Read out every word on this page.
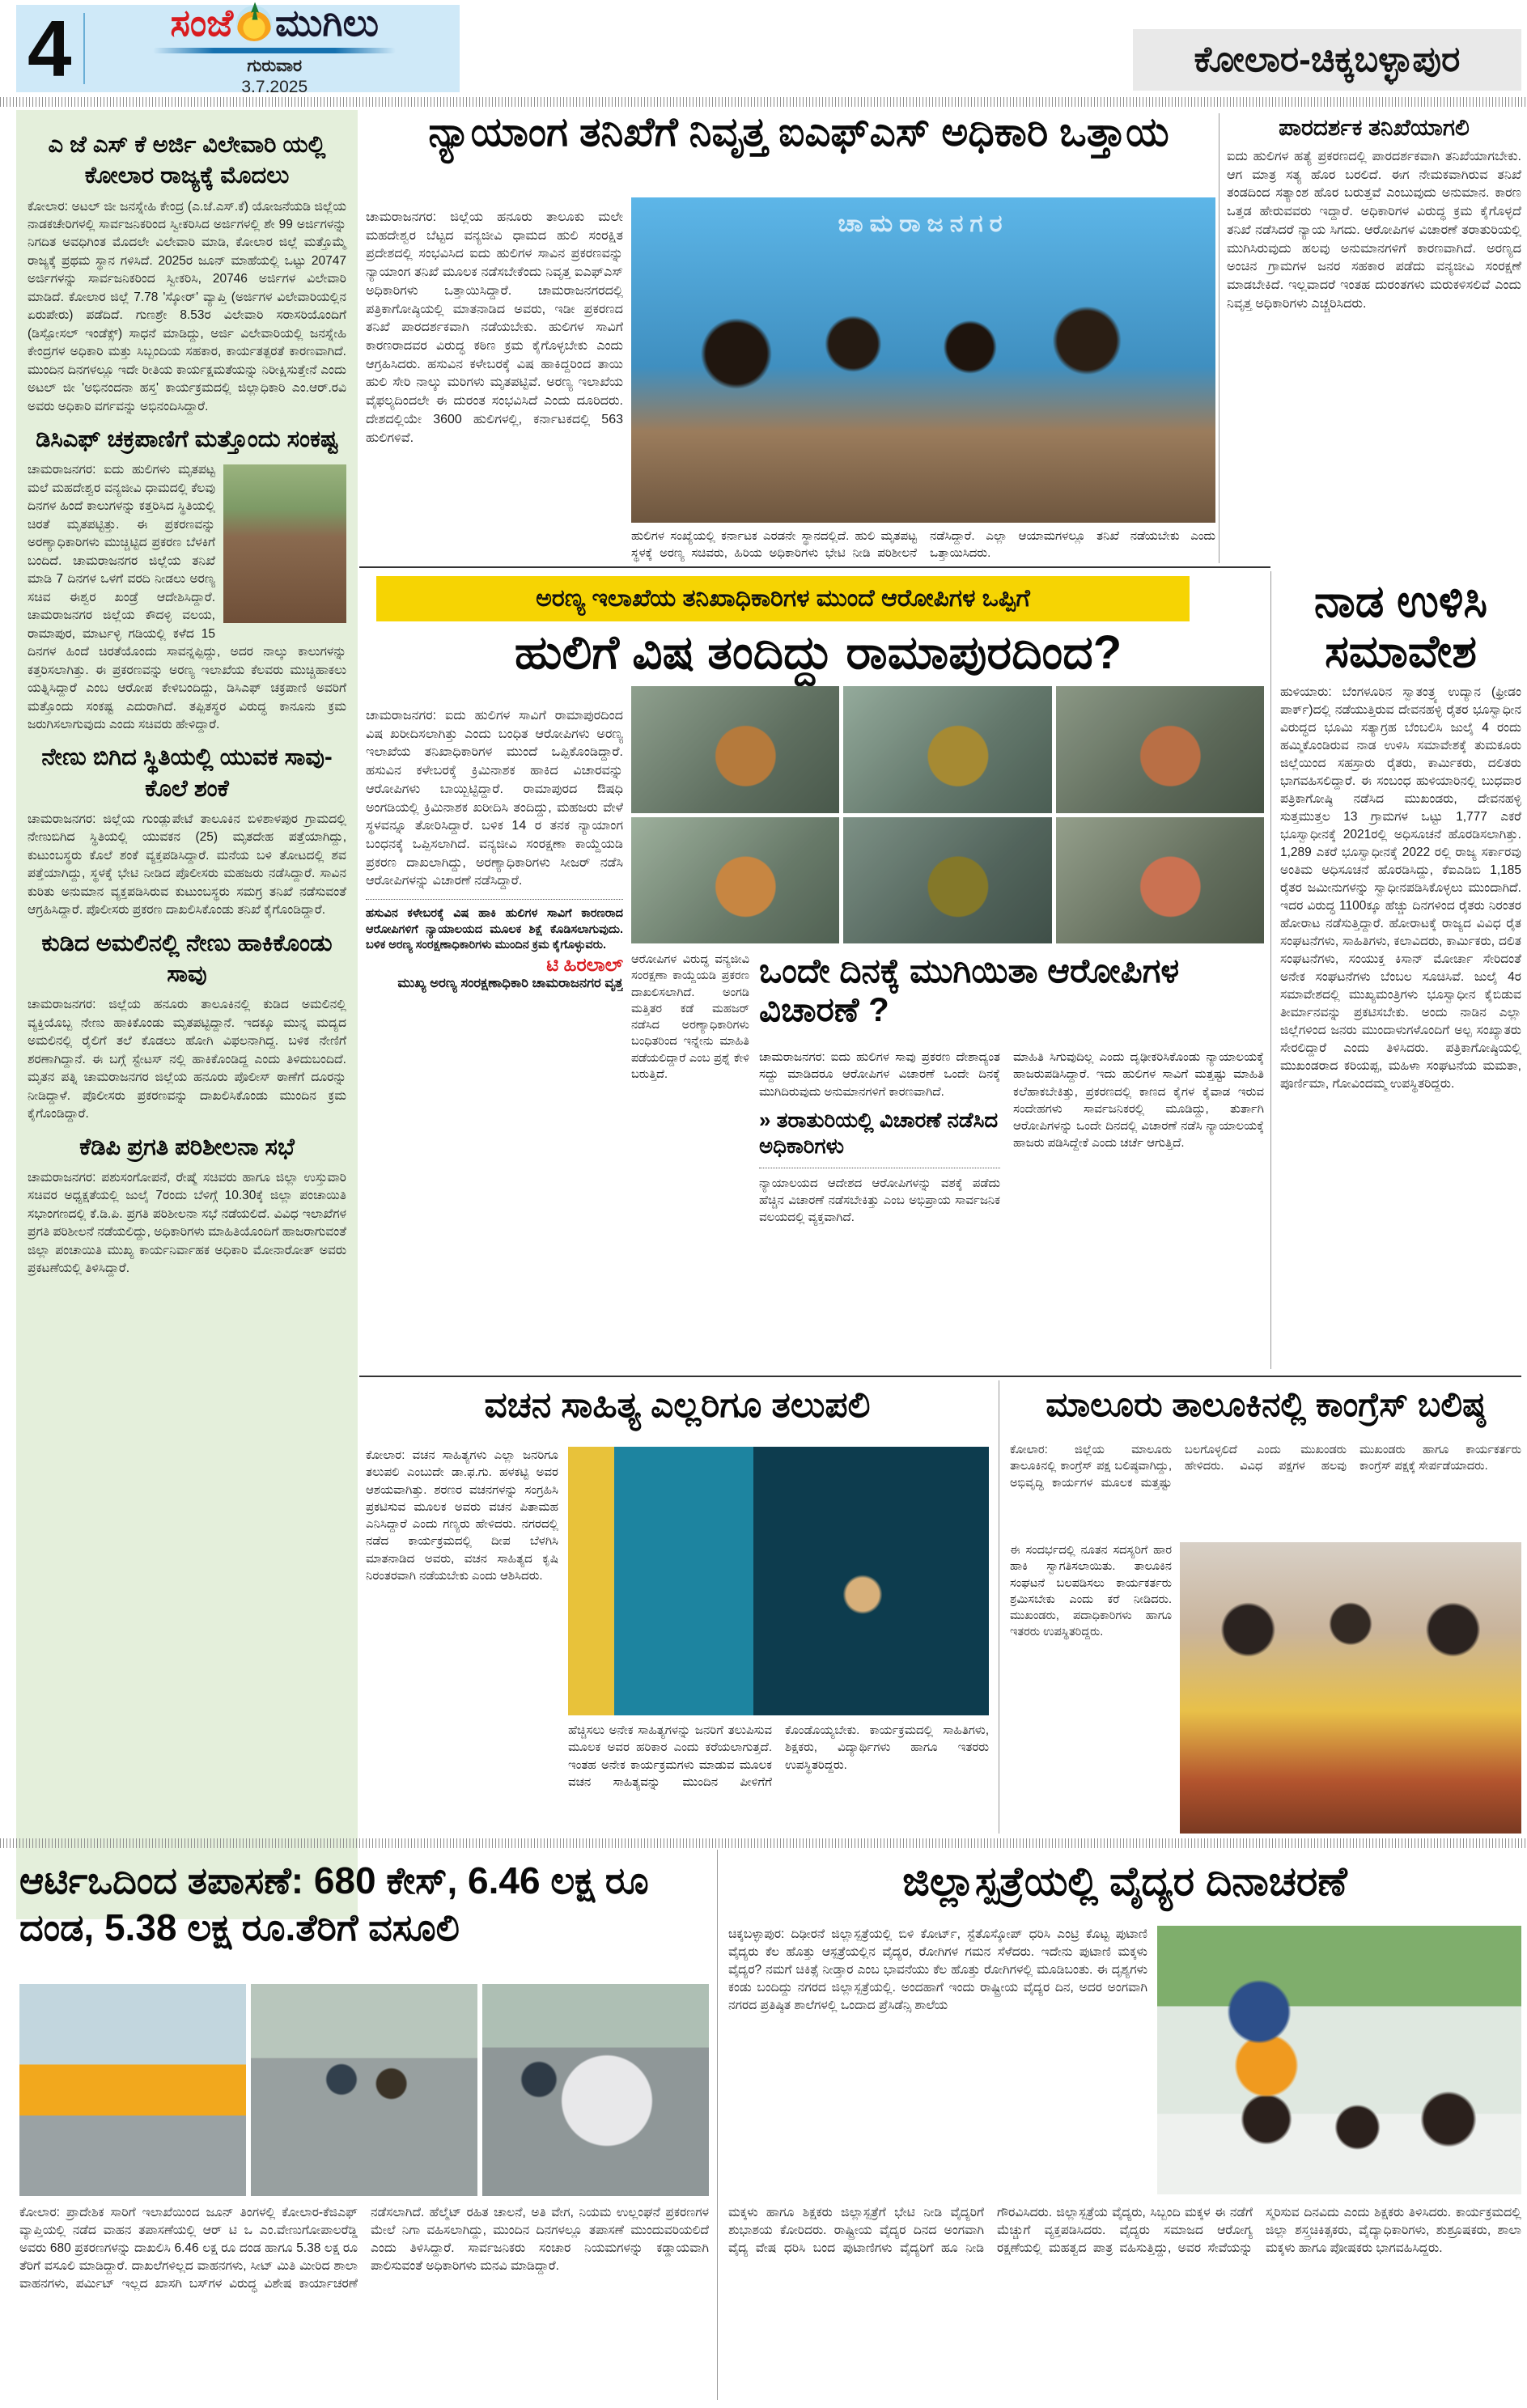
4	ಸಂಜೆ ಮುಗಿಲು
ಗುರುವಾರ
3.7.2025
ಕೋಲಾರ-ಚಿಕ್ಕಬಳ್ಳಾಪುರ
ಎ ಜೆ ಎಸ್ ಕೆ ಅರ್ಜಿ ವಿಲೇವಾರಿ ಯಲ್ಲಿ ಕೋಲಾರ ರಾಜ್ಯಕ್ಕೆ ಮೊದಲು
ಕೋಲಾರ: ಅಟಲ್ ಜೀ ಜನಸ್ನೇಹಿ ಕೇಂದ್ರ (ಎ.ಜೆ.ಎಸ್.ಕೆ) ಯೋಜನೆಯಡಿ ಜಿಲ್ಲೆಯ ನಾಡಕಚೇರಿಗಳಲ್ಲಿ ಸಾರ್ವಜನಿಕರಿಂದ ಸ್ವೀಕರಿಸಿದ ಅರ್ಜಿಗಳಲ್ಲಿ ಶೇ 99 ಅರ್ಜಿಗಳನ್ನು ನಿಗದಿತ ಅವಧಿಗಿಂತ ಮೊದಲೇ ವಿಲೇವಾರಿ ಮಾಡಿ, ಕೋಲಾರ ಜಿಲ್ಲೆ ಮತ್ತೊಮ್ಮೆ ರಾಜ್ಯಕ್ಕೆ ಪ್ರಥಮ ಸ್ಥಾನ ಗಳಿಸಿದೆ. 2025ರ ಜೂನ್ ಮಾಹೆಯಲ್ಲಿ ಒಟ್ಟು 20747 ಅರ್ಜಿಗಳನ್ನು ಸಾರ್ವಜನಿಕರಿಂದ ಸ್ವೀಕರಿಸಿ, 20746 ಅರ್ಜಿಗಳ ವಿಲೇವಾರಿ ಮಾಡಿದೆ. ಕೋಲಾರ ಜಿಲ್ಲೆ 7.78 'ಸ್ಕೋರ್' ವ್ಯಾಪ್ತಿ (ಅರ್ಜಿಗಳ ವಿಲೇವಾರಿಯಲ್ಲಿನ ಏರುಪೇರು) ಪಡೆದಿದೆ. ಗುಣಶ್ರೇ 8.53ರ ವಿಲೇವಾರಿ ಸರಾಸರಿಯೊಂದಿಗೆ (ಡಿಸ್ಪೋಸಲ್ ಇಂಡೆಕ್ಸ್) ಸಾಧನೆ ಮಾಡಿದ್ದು, ಅರ್ಜಿ ವಿಲೇವಾರಿಯಲ್ಲಿ ಜನಸ್ನೇಹಿ ಕೇಂದ್ರಗಳ ಅಧಿಕಾರಿ ಮತ್ತು ಸಿಬ್ಬಂದಿಯ ಸಹಕಾರ, ಕಾರ್ಯತತ್ಪರತೆ ಕಾರಣವಾಗಿದೆ. ಮುಂದಿನ ದಿನಗಳಲ್ಲೂ ಇದೇ ರೀತಿಯ ಕಾರ್ಯಕ್ಷಮತೆಯನ್ನು ನಿರೀಕ್ಷಿಸುತ್ತೇನೆ ಎಂದು ಅಟಲ್ ಜೀ 'ಅಭಿನಂದನಾ ಹಸ್ತ' ಕಾರ್ಯಕ್ರಮದಲ್ಲಿ ಜಿಲ್ಲಾಧಿಕಾರಿ ಎಂ.ಆರ್.ರವಿ ಅವರು ಅಧಿಕಾರಿ ವರ್ಗವನ್ನು ಅಭಿನಂದಿಸಿದ್ದಾರೆ.
ಡಿಸಿಎಫ್ ಚಕ್ರಪಾಣಿಗೆ ಮತ್ತೊಂದು ಸಂಕಷ್ಟ
ಚಾಮರಾಜನಗರ: ಐದು ಹುಲಿಗಳು ಮೃತಪಟ್ಟ ಮಲೆ ಮಹದೇಶ್ವರ ವನ್ಯಜೀವಿ ಧಾಮದಲ್ಲಿ ಕೆಲವು ದಿನಗಳ ಹಿಂದೆ ಕಾಲುಗಳನ್ನು ಕತ್ತರಿಸಿದ ಸ್ಥಿತಿಯಲ್ಲಿ ಚಿರತೆ ಮೃತಪಟ್ಟಿತ್ತು. ಈ ಪ್ರಕರಣವನ್ನು ಅರಣ್ಯಾಧಿಕಾರಿಗಳು ಮುಚ್ಚಿಟ್ಟಿದ ಪ್ರಕರಣ ಬೆಳಕಿಗೆ ಬಂದಿದೆ. ಚಾಮರಾಜನಗರ ಜಿಲ್ಲೆಯ ತನಿಖೆ ಮಾಡಿ 7 ದಿನಗಳ ಒಳಗೆ ವರದಿ ನೀಡಲು ಅರಣ್ಯ ಸಚಿವ ಈಶ್ವರ ಖಂಡ್ರೆ ಆದೇಶಿಸಿದ್ದಾರೆ. ಚಾಮರಾಜನಗರ ಜಿಲ್ಲೆಯ ಕೌದಳ್ಳಿ ವಲಯ, ರಾಮಾಪುರ, ಮಾರ್ಟಳ್ಳಿ ಗಡಿಯಲ್ಲಿ ಕಳೆದ 15 ದಿನಗಳ ಹಿಂದೆ ಚಿರತೆಯೊಂದು ಸಾವನ್ನಪ್ಪಿದ್ದು, ಅದರ ನಾಲ್ಕು ಕಾಲುಗಳನ್ನು ಕತ್ತರಿಸಲಾಗಿತ್ತು. ಈ ಪ್ರಕರಣವನ್ನು ಅರಣ್ಯ ಇಲಾಖೆಯ ಕೆಲವರು ಮುಚ್ಚಿಹಾಕಲು ಯತ್ನಿಸಿದ್ದಾರೆ ಎಂಬ ಆರೋಪ ಕೇಳಿಬಂದಿದ್ದು, ಡಿಸಿಎಫ್ ಚಕ್ರಪಾಣಿ ಅವರಿಗೆ ಮತ್ತೊಂದು ಸಂಕಷ್ಟ ಎದುರಾಗಿದೆ. ತಪ್ಪಿತಸ್ಥರ ವಿರುದ್ಧ ಕಾನೂನು ಕ್ರಮ ಜರುಗಿಸಲಾಗುವುದು ಎಂದು ಸಚಿವರು ಹೇಳಿದ್ದಾರೆ.
ನೇಣು ಬಿಗಿದ ಸ್ಥಿತಿಯಲ್ಲಿ ಯುವಕ ಸಾವು- ಕೊಲೆ ಶಂಕೆ
ಚಾಮರಾಜನಗರ: ಜಿಲ್ಲೆಯ ಗುಂಡ್ಲುಪೇಟೆ ತಾಲೂಕಿನ ಬಿಳಿಶಾಳಪುರ ಗ್ರಾಮದಲ್ಲಿ ನೇಣುಬಿಗಿದ ಸ್ಥಿತಿಯಲ್ಲಿ ಯುವಕನ (25) ಮೃತದೇಹ ಪತ್ತೆಯಾಗಿದ್ದು, ಕುಟುಂಬಸ್ಥರು ಕೊಲೆ ಶಂಕೆ ವ್ಯಕ್ತಪಡಿಸಿದ್ದಾರೆ. ಮನೆಯ ಬಳಿ ತೋಟದಲ್ಲಿ ಶವ ಪತ್ತೆಯಾಗಿದ್ದು, ಸ್ಥಳಕ್ಕೆ ಭೇಟಿ ನೀಡಿದ ಪೊಲೀಸರು ಮಹಜರು ನಡೆಸಿದ್ದಾರೆ. ಸಾವಿನ ಕುರಿತು ಅನುಮಾನ ವ್ಯಕ್ತಪಡಿಸಿರುವ ಕುಟುಂಬಸ್ಥರು ಸಮಗ್ರ ತನಿಖೆ ನಡೆಸುವಂತೆ ಆಗ್ರಹಿಸಿದ್ದಾರೆ. ಪೊಲೀಸರು ಪ್ರಕರಣ ದಾಖಲಿಸಿಕೊಂಡು ತನಿಖೆ ಕೈಗೊಂಡಿದ್ದಾರೆ.
ಕುಡಿದ ಅಮಲಿನಲ್ಲಿ ನೇಣು ಹಾಕಿಕೊಂಡು ಸಾವು
ಚಾಮರಾಜನಗರ: ಜಿಲ್ಲೆಯ ಹನೂರು ತಾಲೂಕಿನಲ್ಲಿ ಕುಡಿದ ಅಮಲಿನಲ್ಲಿ ವ್ಯಕ್ತಿಯೊಬ್ಬ ನೇಣು ಹಾಕಿಕೊಂಡು ಮೃತಪಟ್ಟಿದ್ದಾನೆ. ಇದಕ್ಕೂ ಮುನ್ನ ಮದ್ಯದ ಅಮಲಿನಲ್ಲಿ ರೈಲಿಗೆ ತಲೆ ಕೊಡಲು ಹೋಗಿ ವಿಫಲನಾಗಿದ್ದ. ಬಳಿಕ ನೇಣಿಗೆ ಶರಣಾಗಿದ್ದಾನೆ. ಈ ಬಗ್ಗೆ ಸ್ಟೇಟಸ್ ನಲ್ಲಿ ಹಾಕಿಕೊಂಡಿದ್ದ ಎಂದು ತಿಳಿದುಬಂದಿದೆ. ಮೃತನ ಪತ್ನಿ ಚಾಮರಾಜನಗರ ಜಿಲ್ಲೆಯ ಹನೂರು ಪೊಲೀಸ್ ಠಾಣೆಗೆ ದೂರನ್ನು ನೀಡಿದ್ದಾಳೆ. ಪೊಲೀಸರು ಪ್ರಕರಣವನ್ನು ದಾಖಲಿಸಿಕೊಂಡು ಮುಂದಿನ ಕ್ರಮ ಕೈಗೊಂಡಿದ್ದಾರೆ.
ಕೆಡಿಪಿ ಪ್ರಗತಿ ಪರಿಶೀಲನಾ ಸಭೆ
ಚಾಮರಾಜನಗರ: ಪಶುಸಂಗೋಪನೆ, ರೇಷ್ಮೆ ಸಚಿವರು ಹಾಗೂ ಜಿಲ್ಲಾ ಉಸ್ತುವಾರಿ ಸಚಿವರ ಅಧ್ಯಕ್ಷತೆಯಲ್ಲಿ ಜುಲೈ 7ರಂದು ಬೆಳಿಗ್ಗೆ 10.30ಕ್ಕೆ ಜಿಲ್ಲಾ ಪಂಚಾಯಿತಿ ಸಭಾಂಗಣದಲ್ಲಿ ಕೆ.ಡಿ.ಪಿ. ಪ್ರಗತಿ ಪರಿಶೀಲನಾ ಸಭೆ ನಡೆಯಲಿದೆ. ವಿವಿಧ ಇಲಾಖೆಗಳ ಪ್ರಗತಿ ಪರಿಶೀಲನೆ ನಡೆಯಲಿದ್ದು, ಅಧಿಕಾರಿಗಳು ಮಾಹಿತಿಯೊಂದಿಗೆ ಹಾಜರಾಗುವಂತೆ ಜಿಲ್ಲಾ ಪಂಚಾಯಿತಿ ಮುಖ್ಯ ಕಾರ್ಯನಿರ್ವಾಹಕ ಅಧಿಕಾರಿ ಮೋನಾರೋತ್ ಅವರು ಪ್ರಕಟಣೆಯಲ್ಲಿ ತಿಳಿಸಿದ್ದಾರೆ.
ನ್ಯಾಯಾಂಗ ತನಿಖೆಗೆ ನಿವೃತ್ತ ಐಎಫ್ಎಸ್ ಅಧಿಕಾರಿ ಒತ್ತಾಯ
ಚಾಮರಾಜನಗರ: ಜಿಲ್ಲೆಯ ಹನೂರು ತಾಲೂಕು ಮಲೇ ಮಹದೇಶ್ವರ ಬೆಟ್ಟದ ವನ್ಯಜೀವಿ ಧಾಮದ ಹುಲಿ ಸಂರಕ್ಷಿತ ಪ್ರದೇಶದಲ್ಲಿ ಸಂಭವಿಸಿದ ಐದು ಹುಲಿಗಳ ಸಾವಿನ ಪ್ರಕರಣವನ್ನು ನ್ಯಾಯಾಂಗ ತನಿಖೆ ಮೂಲಕ ನಡೆಸಬೇಕೆಂದು ನಿವೃತ್ತ ಐಎಫ್ಎಸ್ ಅಧಿಕಾರಿಗಳು ಒತ್ತಾಯಿಸಿದ್ದಾರೆ. ಚಾಮರಾಜನಗರದಲ್ಲಿ ಪತ್ರಿಕಾಗೋಷ್ಠಿಯಲ್ಲಿ ಮಾತನಾಡಿದ ಅವರು, ಇಡೀ ಪ್ರಕರಣದ ತನಿಖೆ ಪಾರದರ್ಶಕವಾಗಿ ನಡೆಯಬೇಕು. ಹುಲಿಗಳ ಸಾವಿಗೆ ಕಾರಣರಾದವರ ವಿರುದ್ಧ ಕಠಿಣ ಕ್ರಮ ಕೈಗೊಳ್ಳಬೇಕು ಎಂದು ಆಗ್ರಹಿಸಿದರು. ಹಸುವಿನ ಕಳೇಬರಕ್ಕೆ ವಿಷ ಹಾಕಿದ್ದರಿಂದ ತಾಯಿ ಹುಲಿ ಸೇರಿ ನಾಲ್ಕು ಮರಿಗಳು ಮೃತಪಟ್ಟಿವೆ. ಅರಣ್ಯ ಇಲಾಖೆಯ ವೈಫಲ್ಯದಿಂದಲೇ ಈ ದುರಂತ ಸಂಭವಿಸಿದೆ ಎಂದು ದೂರಿದರು. ದೇಶದಲ್ಲಿಯೇ 3600 ಹುಲಿಗಳಲ್ಲಿ, ಕರ್ನಾಟಕದಲ್ಲಿ 563 ಹುಲಿಗಳಿವೆ.
ಚಾಮರಾಜನಗರ
ಹುಲಿಗಳ ಸಂಖ್ಯೆಯಲ್ಲಿ ಕರ್ನಾಟಕ ಎರಡನೇ ಸ್ಥಾನದಲ್ಲಿದೆ. ಹುಲಿ ಮೃತಪಟ್ಟ ಸ್ಥಳಕ್ಕೆ ಅರಣ್ಯ ಸಚಿವರು, ಹಿರಿಯ ಅಧಿಕಾರಿಗಳು ಭೇಟಿ ನೀಡಿ ಪರಿಶೀಲನೆ ನಡೆಸಿದ್ದಾರೆ. ಎಲ್ಲಾ ಆಯಾಮಗಳಲ್ಲೂ ತನಿಖೆ ನಡೆಯಬೇಕು ಎಂದು ಒತ್ತಾಯಿಸಿದರು.
ಪಾರದರ್ಶಕ ತನಿಖೆಯಾಗಲಿ
ಐದು ಹುಲಿಗಳ ಹತ್ಯೆ ಪ್ರಕರಣದಲ್ಲಿ ಪಾರದರ್ಶಕವಾಗಿ ತನಿಖೆಯಾಗಬೇಕು. ಆಗ ಮಾತ್ರ ಸತ್ಯ ಹೊರ ಬರಲಿದೆ. ಈಗ ನೇಮಕವಾಗಿರುವ ತನಿಖೆ ತಂಡದಿಂದ ಸತ್ಯಾಂಶ ಹೊರ ಬರುತ್ತವೆ ಎಂಬುವುದು ಅನುಮಾನ. ಕಾರಣ ಒತ್ತಡ ಹೇರುವವರು ಇದ್ದಾರೆ. ಅಧಿಕಾರಿಗಳ ವಿರುದ್ಧ ಕ್ರಮ ಕೈಗೊಳ್ಳದೆ ತನಿಖೆ ನಡೆಸಿದರೆ ನ್ಯಾಯ ಸಿಗದು. ಆರೋಪಿಗಳ ವಿಚಾರಣೆ ತರಾತುರಿಯಲ್ಲಿ ಮುಗಿಸಿರುವುದು ಹಲವು ಅನುಮಾನಗಳಿಗೆ ಕಾರಣವಾಗಿದೆ. ಅರಣ್ಯದ ಅಂಚಿನ ಗ್ರಾಮಗಳ ಜನರ ಸಹಕಾರ ಪಡೆದು ವನ್ಯಜೀವಿ ಸಂರಕ್ಷಣೆ ಮಾಡಬೇಕಿದೆ. ಇಲ್ಲವಾದರೆ ಇಂತಹ ದುರಂತಗಳು ಮರುಕಳಿಸಲಿವೆ ಎಂದು ನಿವೃತ್ತ ಅಧಿಕಾರಿಗಳು ಎಚ್ಚರಿಸಿದರು.
ಅರಣ್ಯ ಇಲಾಖೆಯ ತನಿಖಾಧಿಕಾರಿಗಳ ಮುಂದೆ ಆರೋಪಿಗಳ ಒಪ್ಪಿಗೆ
ಹುಲಿಗೆ ವಿಷ ತಂದಿದ್ದು ರಾಮಾಪುರದಿಂದ?
ಚಾಮರಾಜನಗರ: ಐದು ಹುಲಿಗಳ ಸಾವಿಗೆ ರಾಮಾಪುರದಿಂದ ವಿಷ ಖರೀದಿಸಲಾಗಿತ್ತು ಎಂದು ಬಂಧಿತ ಆರೋಪಿಗಳು ಅರಣ್ಯ ಇಲಾಖೆಯ ತನಿಖಾಧಿಕಾರಿಗಳ ಮುಂದೆ ಒಪ್ಪಿಕೊಂಡಿದ್ದಾರೆ. ಹಸುವಿನ ಕಳೇಬರಕ್ಕೆ ಕ್ರಿಮಿನಾಶಕ ಹಾಕಿದ ವಿಚಾರವನ್ನು ಆರೋಪಿಗಳು ಬಾಯ್ಬಿಟ್ಟಿದ್ದಾರೆ. ರಾಮಾಪುರದ ಔಷಧಿ ಅಂಗಡಿಯಲ್ಲಿ ಕ್ರಿಮಿನಾಶಕ ಖರೀದಿಸಿ ತಂದಿದ್ದು, ಮಹಜರು ವೇಳೆ ಸ್ಥಳವನ್ನೂ ತೋರಿಸಿದ್ದಾರೆ. ಬಳಿಕ 14 ರ ತನಕ ನ್ಯಾಯಾಂಗ ಬಂಧನಕ್ಕೆ ಒಪ್ಪಿಸಲಾಗಿದೆ. ವನ್ಯಜೀವಿ ಸಂರಕ್ಷಣಾ ಕಾಯ್ದೆಯಡಿ ಪ್ರಕರಣ ದಾಖಲಾಗಿದ್ದು, ಅರಣ್ಯಾಧಿಕಾರಿಗಳು ಸೀಜರ್ ನಡೆಸಿ ಆರೋಪಿಗಳನ್ನು ವಿಚಾರಣೆ ನಡೆಸಿದ್ದಾರೆ.
ಹಸುವಿನ ಕಳೇಬರಕ್ಕೆ ವಿಷ ಹಾಕಿ ಹುಲಿಗಳ ಸಾವಿಗೆ ಕಾರಣರಾದ ಆರೋಪಿಗಳಿಗೆ ನ್ಯಾಯಾಲಯದ ಮೂಲಕ ಶಿಕ್ಷೆ ಕೊಡಿಸಲಾಗುವುದು. ಬಳಿಕ ಅರಣ್ಯ ಸಂರಕ್ಷಣಾಧಿಕಾರಿಗಳು ಮುಂದಿನ ಕ್ರಮ ಕೈಗೊಳ್ಳುವರು.
ಟಿ ಹಿರಲಾಲ್
ಮುಖ್ಯ ಅರಣ್ಯ ಸಂರಕ್ಷಣಾಧಿಕಾರಿ ಚಾಮರಾಜನಗರ ವೃತ್ತ
ಆರೋಪಿಗಳ ವಿರುದ್ಧ ವನ್ಯಜೀವಿ ಸಂರಕ್ಷಣಾ ಕಾಯ್ದೆಯಡಿ ಪ್ರಕರಣ ದಾಖಲಿಸಲಾಗಿದೆ. ಅಂಗಡಿ ಮತ್ತಿತರ ಕಡೆ ಮಹಜರ್ ನಡೆಸಿದ ಅರಣ್ಯಾಧಿಕಾರಿಗಳು ಬಂಧಿತರಿಂದ ಇನ್ನೇನು ಮಾಹಿತಿ ಪಡೆಯಲಿದ್ದಾರೆ ಎಂಬ ಪ್ರಶ್ನೆ ಕೇಳಿ ಬರುತ್ತಿದೆ.
ಒಂದೇ ದಿನಕ್ಕೆ ಮುಗಿಯಿತಾ ಆರೋಪಿಗಳ ವಿಚಾರಣೆ ?
ಚಾಮರಾಜನಗರ: ಐದು ಹುಲಿಗಳ ಸಾವು ಪ್ರಕರಣ ದೇಶಾದ್ಯಂತ ಸದ್ದು ಮಾಡಿದರೂ ಆರೋಪಿಗಳ ವಿಚಾರಣೆ ಒಂದೇ ದಿನಕ್ಕೆ ಮುಗಿದಿರುವುದು ಅನುಮಾನಗಳಿಗೆ ಕಾರಣವಾಗಿದೆ.
» ತರಾತುರಿಯಲ್ಲಿ ವಿಚಾರಣೆ ನಡೆಸಿದ ಅಧಿಕಾರಿಗಳು
ನ್ಯಾಯಾಲಯದ ಆದೇಶದ ಆರೋಪಿಗಳನ್ನು ವಶಕ್ಕೆ ಪಡೆದು ಹೆಚ್ಚಿನ ವಿಚಾರಣೆ ನಡೆಸಬೇಕಿತ್ತು ಎಂಬ ಅಭಿಪ್ರಾಯ ಸಾರ್ವಜನಿಕ ವಲಯದಲ್ಲಿ ವ್ಯಕ್ತವಾಗಿದೆ.
ಮಾಹಿತಿ ಸಿಗುವುದಿಲ್ಲ ಎಂದು ದೃಢೀಕರಿಸಿಕೊಂಡು ನ್ಯಾಯಾಲಯಕ್ಕೆ ಹಾಜರುಪಡಿಸಿದ್ದಾರೆ. ಇದು ಹುಲಿಗಳ ಸಾವಿಗೆ ಮತ್ತಷ್ಟು ಮಾಹಿತಿ ಕಲೆಹಾಕಬೇಕಿತ್ತು, ಪ್ರಕರಣದಲ್ಲಿ ಕಾಣದ ಕೈಗಳ ಕೈವಾಡ ಇರುವ ಸಂದೇಹಗಳು ಸಾರ್ವಜನಿಕರಲ್ಲಿ ಮೂಡಿದ್ದು, ತುರ್ತಾಗಿ ಆರೋಪಿಗಳನ್ನು ಒಂದೇ ದಿನದಲ್ಲಿ ವಿಚಾರಣೆ ನಡೆಸಿ ನ್ಯಾಯಾಲಯಕ್ಕೆ ಹಾಜರು ಪಡಿಸಿದ್ದೇಕೆ ಎಂದು ಚರ್ಚೆ ಆಗುತ್ತಿದೆ.
ನಾಡ ಉಳಿಸಿ ಸಮಾವೇಶ
ಹುಳಿಯಾರು: ಬೆಂಗಳೂರಿನ ಸ್ವಾತಂತ್ರ್ಯ ಉದ್ಯಾನ (ಫ್ರೀಡಂ ಪಾರ್ಕ್)ದಲ್ಲಿ ನಡೆಯುತ್ತಿರುವ ದೇವನಹಳ್ಳಿ ರೈತರ ಭೂಸ್ವಾಧೀನ ವಿರುದ್ಧದ ಭೂಮಿ ಸತ್ಯಾಗ್ರಹ ಬೆಂಬಲಿಸಿ ಜುಲೈ 4 ರಂದು ಹಮ್ಮಿಕೊಂಡಿರುವ ನಾಡ ಉಳಿಸಿ ಸಮಾವೇಶಕ್ಕೆ ತುಮಕೂರು ಜಿಲ್ಲೆಯಿಂದ ಸಹಸ್ರಾರು ರೈತರು, ಕಾರ್ಮಿಕರು, ದಲಿತರು ಭಾಗವಹಿಸಲಿದ್ದಾರೆ. ಈ ಸಂಬಂಧ ಹುಳಿಯಾರಿನಲ್ಲಿ ಬುಧವಾರ ಪತ್ರಿಕಾಗೋಷ್ಠಿ ನಡೆಸಿದ ಮುಖಂಡರು, ದೇವನಹಳ್ಳಿ ಸುತ್ತಮುತ್ತಲ 13 ಗ್ರಾಮಗಳ ಒಟ್ಟು 1,777 ಎಕರೆ ಭೂಸ್ವಾಧೀನಕ್ಕೆ 2021ರಲ್ಲಿ ಅಧಿಸೂಚನೆ ಹೊರಡಿಸಲಾಗಿತ್ತು. 1,289 ಎಕರೆ ಭೂಸ್ವಾಧೀನಕ್ಕೆ 2022 ರಲ್ಲಿ ರಾಜ್ಯ ಸರ್ಕಾರವು ಅಂತಿಮ ಅಧಿಸೂಚನೆ ಹೊರಡಿಸಿದ್ದು, ಕೆಐಎಡಿಬಿ 1,185 ರೈತರ ಜಮೀನುಗಳನ್ನು ಸ್ವಾಧೀನಪಡಿಸಿಕೊಳ್ಳಲು ಮುಂದಾಗಿದೆ. ಇದರ ವಿರುದ್ಧ 1100ಕ್ಕೂ ಹೆಚ್ಚು ದಿನಗಳಿಂದ ರೈತರು ನಿರಂತರ ಹೋರಾಟ ನಡೆಸುತ್ತಿದ್ದಾರೆ. ಹೋರಾಟಕ್ಕೆ ರಾಜ್ಯದ ವಿವಿಧ ರೈತ ಸಂಘಟನೆಗಳು, ಸಾಹಿತಿಗಳು, ಕಲಾವಿದರು, ಕಾರ್ಮಿಕರು, ದಲಿತ ಸಂಘಟನೆಗಳು, ಸಂಯುಕ್ತ ಕಿಸಾನ್ ಮೋರ್ಚಾ ಸೇರಿದಂತೆ ಅನೇಕ ಸಂಘಟನೆಗಳು ಬೆಂಬಲ ಸೂಚಿಸಿವೆ. ಜುಲೈ 4ರ ಸಮಾವೇಶದಲ್ಲಿ ಮುಖ್ಯಮಂತ್ರಿಗಳು ಭೂಸ್ವಾಧೀನ ಕೈಬಿಡುವ ತೀರ್ಮಾನವನ್ನು ಪ್ರಕಟಿಸಬೇಕು. ಅಂದು ನಾಡಿನ ಎಲ್ಲಾ ಜಿಲ್ಲೆಗಳಿಂದ ಜನರು ಮುಂದಾಳುಗಳೊಂದಿಗೆ ಅಲ್ಪ ಸಂಖ್ಯಾತರು ಸೇರಲಿದ್ದಾರೆ ಎಂದು ತಿಳಿಸಿದರು. ಪತ್ರಿಕಾಗೋಷ್ಠಿಯಲ್ಲಿ ಮುಖಂಡರಾದ ಕರಿಯಪ್ಪ, ಮಹಿಳಾ ಸಂಘಟನೆಯ ಮಮತಾ, ಪೂರ್ಣಿಮಾ, ಗೋವಿಂದಮ್ಮ ಉಪಸ್ಥಿತರಿದ್ದರು.
ವಚನ ಸಾಹಿತ್ಯ ಎಲ್ಲರಿಗೂ ತಲುಪಲಿ
ಕೋಲಾರ: ವಚನ ಸಾಹಿತ್ಯಗಳು ಎಲ್ಲಾ ಜನರಿಗೂ ತಲುಪಲಿ ಎಂಬುದೇ ಡಾ.ಫ.ಗು. ಹಳಕಟ್ಟಿ ಅವರ ಆಶಯವಾಗಿತ್ತು. ಶರಣರ ವಚನಗಳನ್ನು ಸಂಗ್ರಹಿಸಿ ಪ್ರಕಟಿಸುವ ಮೂಲಕ ಅವರು ವಚನ ಪಿತಾಮಹ ಎನಿಸಿದ್ದಾರೆ ಎಂದು ಗಣ್ಯರು ಹೇಳಿದರು. ನಗರದಲ್ಲಿ ನಡೆದ ಕಾರ್ಯಕ್ರಮದಲ್ಲಿ ದೀಪ ಬೆಳಗಿಸಿ ಮಾತನಾಡಿದ ಅವರು, ವಚನ ಸಾಹಿತ್ಯದ ಕೃಷಿ ನಿರಂತರವಾಗಿ ನಡೆಯಬೇಕು ಎಂದು ಆಶಿಸಿದರು.
ಹೆಚ್ಚಿಸಲು ಅನೇಕ ಸಾಹಿತ್ಯಗಳನ್ನು ಜನರಿಗೆ ತಲುಪಿಸುವ ಮೂಲಕ ಅವರ ಹರಿಕಾರ ಎಂದು ಕರೆಯಲಾಗುತ್ತದೆ. ಇಂತಹ ಅನೇಕ ಕಾರ್ಯಕ್ರಮಗಳು ಮಾಡುವ ಮೂಲಕ ವಚನ ಸಾಹಿತ್ಯವನ್ನು ಮುಂದಿನ ಪೀಳಿಗೆಗೆ ಕೊಂಡೊಯ್ಯಬೇಕು. ಕಾರ್ಯಕ್ರಮದಲ್ಲಿ ಸಾಹಿತಿಗಳು, ಶಿಕ್ಷಕರು, ವಿದ್ಯಾರ್ಥಿಗಳು ಹಾಗೂ ಇತರರು ಉಪಸ್ಥಿತರಿದ್ದರು.
ಮಾಲೂರು ತಾಲೂಕಿನಲ್ಲಿ ಕಾಂಗ್ರೆಸ್ ಬಲಿಷ್ಠ
ಕೋಲಾರ: ಜಿಲ್ಲೆಯ ಮಾಲೂರು ತಾಲೂಕಿನಲ್ಲಿ ಕಾಂಗ್ರೆಸ್ ಪಕ್ಷ ಬಲಿಷ್ಠವಾಗಿದ್ದು, ಅಭಿವೃದ್ಧಿ ಕಾರ್ಯಗಳ ಮೂಲಕ ಮತ್ತಷ್ಟು ಬಲಗೊಳ್ಳಲಿದೆ ಎಂದು ಮುಖಂಡರು ಹೇಳಿದರು. ವಿವಿಧ ಪಕ್ಷಗಳ ಹಲವು ಮುಖಂಡರು ಹಾಗೂ ಕಾರ್ಯಕರ್ತರು ಕಾಂಗ್ರೆಸ್ ಪಕ್ಷಕ್ಕೆ ಸೇರ್ಪಡೆಯಾದರು.
ಈ ಸಂದರ್ಭದಲ್ಲಿ ನೂತನ ಸದಸ್ಯರಿಗೆ ಹಾರ ಹಾಕಿ ಸ್ವಾಗತಿಸಲಾಯಿತು. ತಾಲೂಕಿನ ಸಂಘಟನೆ ಬಲಪಡಿಸಲು ಕಾರ್ಯಕರ್ತರು ಶ್ರಮಿಸಬೇಕು ಎಂದು ಕರೆ ನೀಡಿದರು. ಮುಖಂಡರು, ಪದಾಧಿಕಾರಿಗಳು ಹಾಗೂ ಇತರರು ಉಪಸ್ಥಿತರಿದ್ದರು.
ಆರ್ಟಿಒದಿಂದ ತಪಾಸಣೆ: 680 ಕೇಸ್, 6.46 ಲಕ್ಷ ರೂ ದಂಡ, 5.38 ಲಕ್ಷ ರೂ.ತೆರಿಗೆ ವಸೂಲಿ
ಕೋಲಾರ: ಪ್ರಾದೇಶಿಕ ಸಾರಿಗೆ ಇಲಾಖೆಯಿಂದ ಜೂನ್ ತಿಂಗಳಲ್ಲಿ ಕೋಲಾರ-ಕೆಜಿಎಫ್ ವ್ಯಾಪ್ತಿಯಲ್ಲಿ ನಡೆದ ವಾಹನ ತಪಾಸಣೆಯಲ್ಲಿ ಆರ್ ಟಿ ಒ ಎಂ.ವೇಣುಗೋಪಾಲರೆಡ್ಡಿ ಅವರು 680 ಪ್ರಕರಣಗಳನ್ನು ದಾಖಲಿಸಿ 6.46 ಲಕ್ಷ ರೂ ದಂಡ ಹಾಗೂ 5.38 ಲಕ್ಷ ರೂ ತೆರಿಗೆ ವಸೂಲಿ ಮಾಡಿದ್ದಾರೆ. ದಾಖಲೆಗಳಿಲ್ಲದ ವಾಹನಗಳು, ಸೀಟ್ ಮಿತಿ ಮೀರಿದ ಶಾಲಾ ವಾಹನಗಳು, ಪರ್ಮಿಟ್ ಇಲ್ಲದ ಖಾಸಗಿ ಬಸ್‌ಗಳ ವಿರುದ್ಧ ವಿಶೇಷ ಕಾರ್ಯಾಚರಣೆ ನಡೆಸಲಾಗಿದೆ. ಹೆಲ್ಮೆಟ್ ರಹಿತ ಚಾಲನೆ, ಅತಿ ವೇಗ, ನಿಯಮ ಉಲ್ಲಂಘನೆ ಪ್ರಕರಣಗಳ ಮೇಲೆ ನಿಗಾ ವಹಿಸಲಾಗಿದ್ದು, ಮುಂದಿನ ದಿನಗಳಲ್ಲೂ ತಪಾಸಣೆ ಮುಂದುವರಿಯಲಿದೆ ಎಂದು ತಿಳಿಸಿದ್ದಾರೆ. ಸಾರ್ವಜನಿಕರು ಸಂಚಾರ ನಿಯಮಗಳನ್ನು ಕಡ್ಡಾಯವಾಗಿ ಪಾಲಿಸುವಂತೆ ಅಧಿಕಾರಿಗಳು ಮನವಿ ಮಾಡಿದ್ದಾರೆ.
ಜಿಲ್ಲಾಸ್ಪತ್ರೆಯಲ್ಲಿ ವೈದ್ಯರ ದಿನಾಚರಣೆ
ಚಿಕ್ಕಬಳ್ಳಾಪುರ: ದಿಢೀರನೆ ಜಿಲ್ಲಾಸ್ಪತ್ರೆಯಲ್ಲಿ ಬಿಳಿ ಕೋರ್ಟ್, ಸ್ಟೆತೊಸ್ಕೋಪ್ ಧರಿಸಿ ಎಂಟ್ರಿ ಕೊಟ್ಟ ಪುಟಾಣಿ ವೈದ್ಯರು ಕೆಲ ಹೊತ್ತು ಆಸ್ಪತ್ರೆಯಲ್ಲಿನ ವೈದ್ಯರ, ರೋಗಿಗಳ ಗಮನ ಸೆಳೆದರು. ಇದೇನು ಪುಟಾಣಿ ಮಕ್ಕಳು ವೈದ್ಯರ? ನಮಗೆ ಚಿಕಿತ್ಸೆ ನೀಡ್ತಾರ ಎಂಬ ಭಾವನೆಯು ಕೆಲ ಹೊತ್ತು ರೋಗಿಗಳಲ್ಲಿ ಮೂಡಿಬಂತು. ಈ ದೃಶ್ಯಗಳು ಕಂಡು ಬಂದಿದ್ದು ನಗರದ ಜಿಲ್ಲಾಸ್ಪತ್ರೆಯಲ್ಲಿ. ಅಂದಹಾಗೆ ಇಂದು ರಾಷ್ಟ್ರೀಯ ವೈದ್ಯರ ದಿನ, ಅದರ ಅಂಗವಾಗಿ ನಗರದ ಪ್ರತಿಷ್ಠಿತ ಶಾಲೆಗಳಲ್ಲಿ ಒಂದಾದ ಪ್ರೆಸಿಡೆನ್ಸಿ ಶಾಲೆಯ
ಮಕ್ಕಳು ಹಾಗೂ ಶಿಕ್ಷಕರು ಜಿಲ್ಲಾಸ್ಪತ್ರೆಗೆ ಭೇಟಿ ನೀಡಿ ವೈದ್ಯರಿಗೆ ಶುಭಾಶಯ ಕೋರಿದರು. ರಾಷ್ಟ್ರೀಯ ವೈದ್ಯರ ದಿನದ ಅಂಗವಾಗಿ ವೈದ್ಯ ವೇಷ ಧರಿಸಿ ಬಂದ ಪುಟಾಣಿಗಳು ವೈದ್ಯರಿಗೆ ಹೂ ನೀಡಿ ಗೌರವಿಸಿದರು. ಜಿಲ್ಲಾಸ್ಪತ್ರೆಯ ವೈದ್ಯರು, ಸಿಬ್ಬಂದಿ ಮಕ್ಕಳ ಈ ನಡೆಗೆ ಮೆಚ್ಚುಗೆ ವ್ಯಕ್ತಪಡಿಸಿದರು. ವೈದ್ಯರು ಸಮಾಜದ ಆರೋಗ್ಯ ರಕ್ಷಣೆಯಲ್ಲಿ ಮಹತ್ವದ ಪಾತ್ರ ವಹಿಸುತ್ತಿದ್ದು, ಅವರ ಸೇವೆಯನ್ನು ಸ್ಮರಿಸುವ ದಿನವಿದು ಎಂದು ಶಿಕ್ಷಕರು ತಿಳಿಸಿದರು. ಕಾರ್ಯಕ್ರಮದಲ್ಲಿ ಜಿಲ್ಲಾ ಶಸ್ತ್ರಚಿಕಿತ್ಸಕರು, ವೈದ್ಯಾಧಿಕಾರಿಗಳು, ಶುಶ್ರೂಷಕರು, ಶಾಲಾ ಮಕ್ಕಳು ಹಾಗೂ ಪೋಷಕರು ಭಾಗವಹಿಸಿದ್ದರು.
